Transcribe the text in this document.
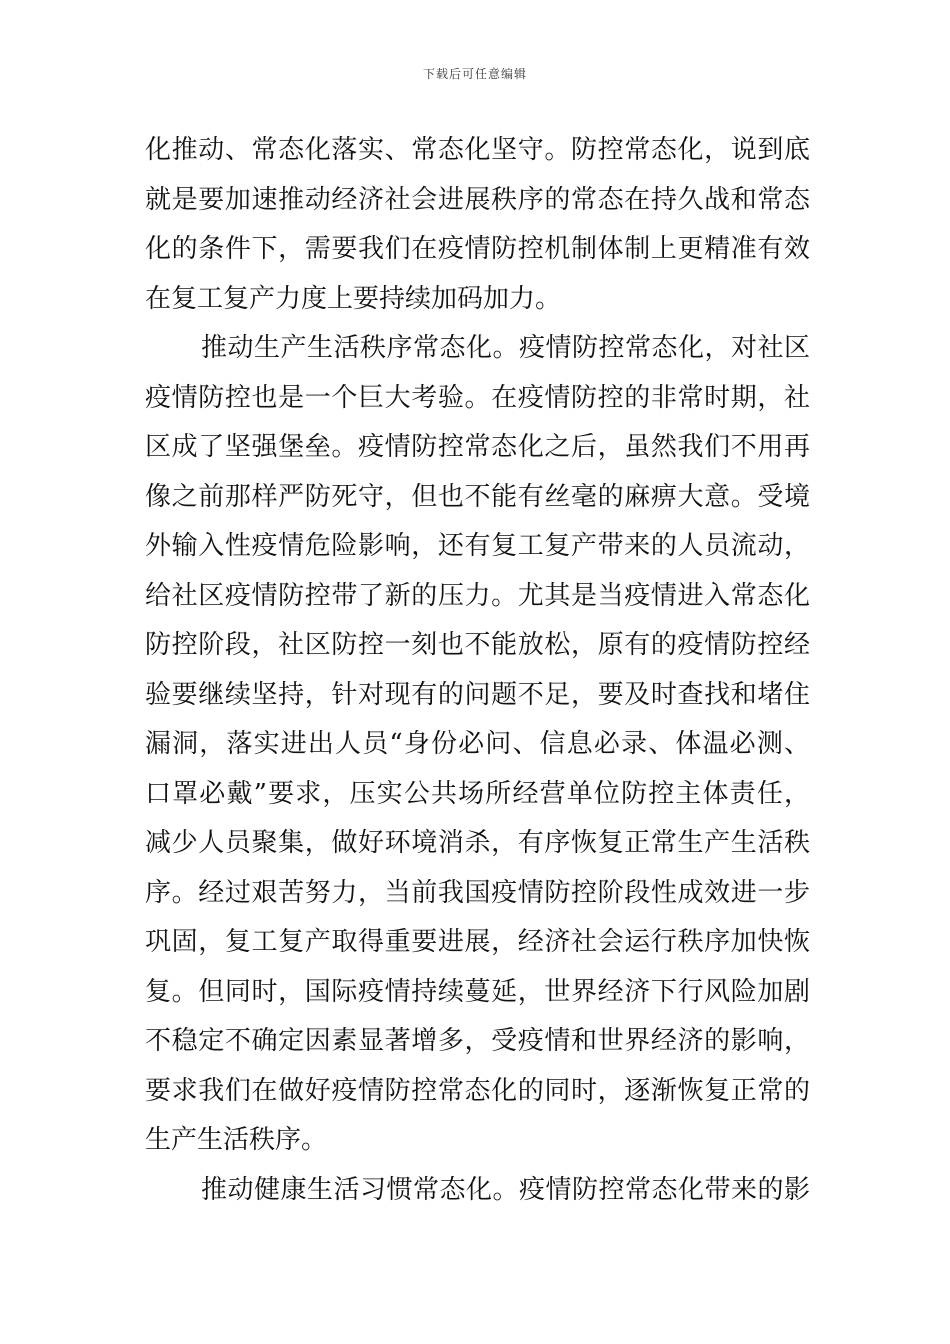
下载后可任意编辑
化推动、常态化落实、常态化坚守。防控常态化，说到底
就是要加速推动经济社会进展秩序的常态在持久战和常态
化的条件下，需要我们在疫情防控机制体制上更精准有效
在复工复产力度上要持续加码加力。
推动生产生活秩序常态化。疫情防控常态化，对社区
疫情防控也是一个巨大考验。在疫情防控的非常时期，社
区成了坚强堡垒。疫情防控常态化之后，虽然我们不用再
像之前那样严防死守，但也不能有丝毫的麻痹大意。受境
外输入性疫情危险影响，还有复工复产带来的人员流动，
给社区疫情防控带了新的压力。尤其是当疫情进入常态化
防控阶段，社区防控一刻也不能放松，原有的疫情防控经
验要继续坚持，针对现有的问题不足，要及时查找和堵住
漏洞，落实进出人员“身份必问、信息必录、体温必测、
口罩必戴”要求，压实公共场所经营单位防控主体责任，
减少人员聚集，做好环境消杀，有序恢复正常生产生活秩
序。经过艰苦努力，当前我国疫情防控阶段性成效进一步
巩固，复工复产取得重要进展，经济社会运行秩序加快恢
复。但同时，国际疫情持续蔓延，世界经济下行风险加剧
不稳定不确定因素显著增多，受疫情和世界经济的影响，
要求我们在做好疫情防控常态化的同时，逐渐恢复正常的
生产生活秩序。
推动健康生活习惯常态化。疫情防控常态化带来的影
